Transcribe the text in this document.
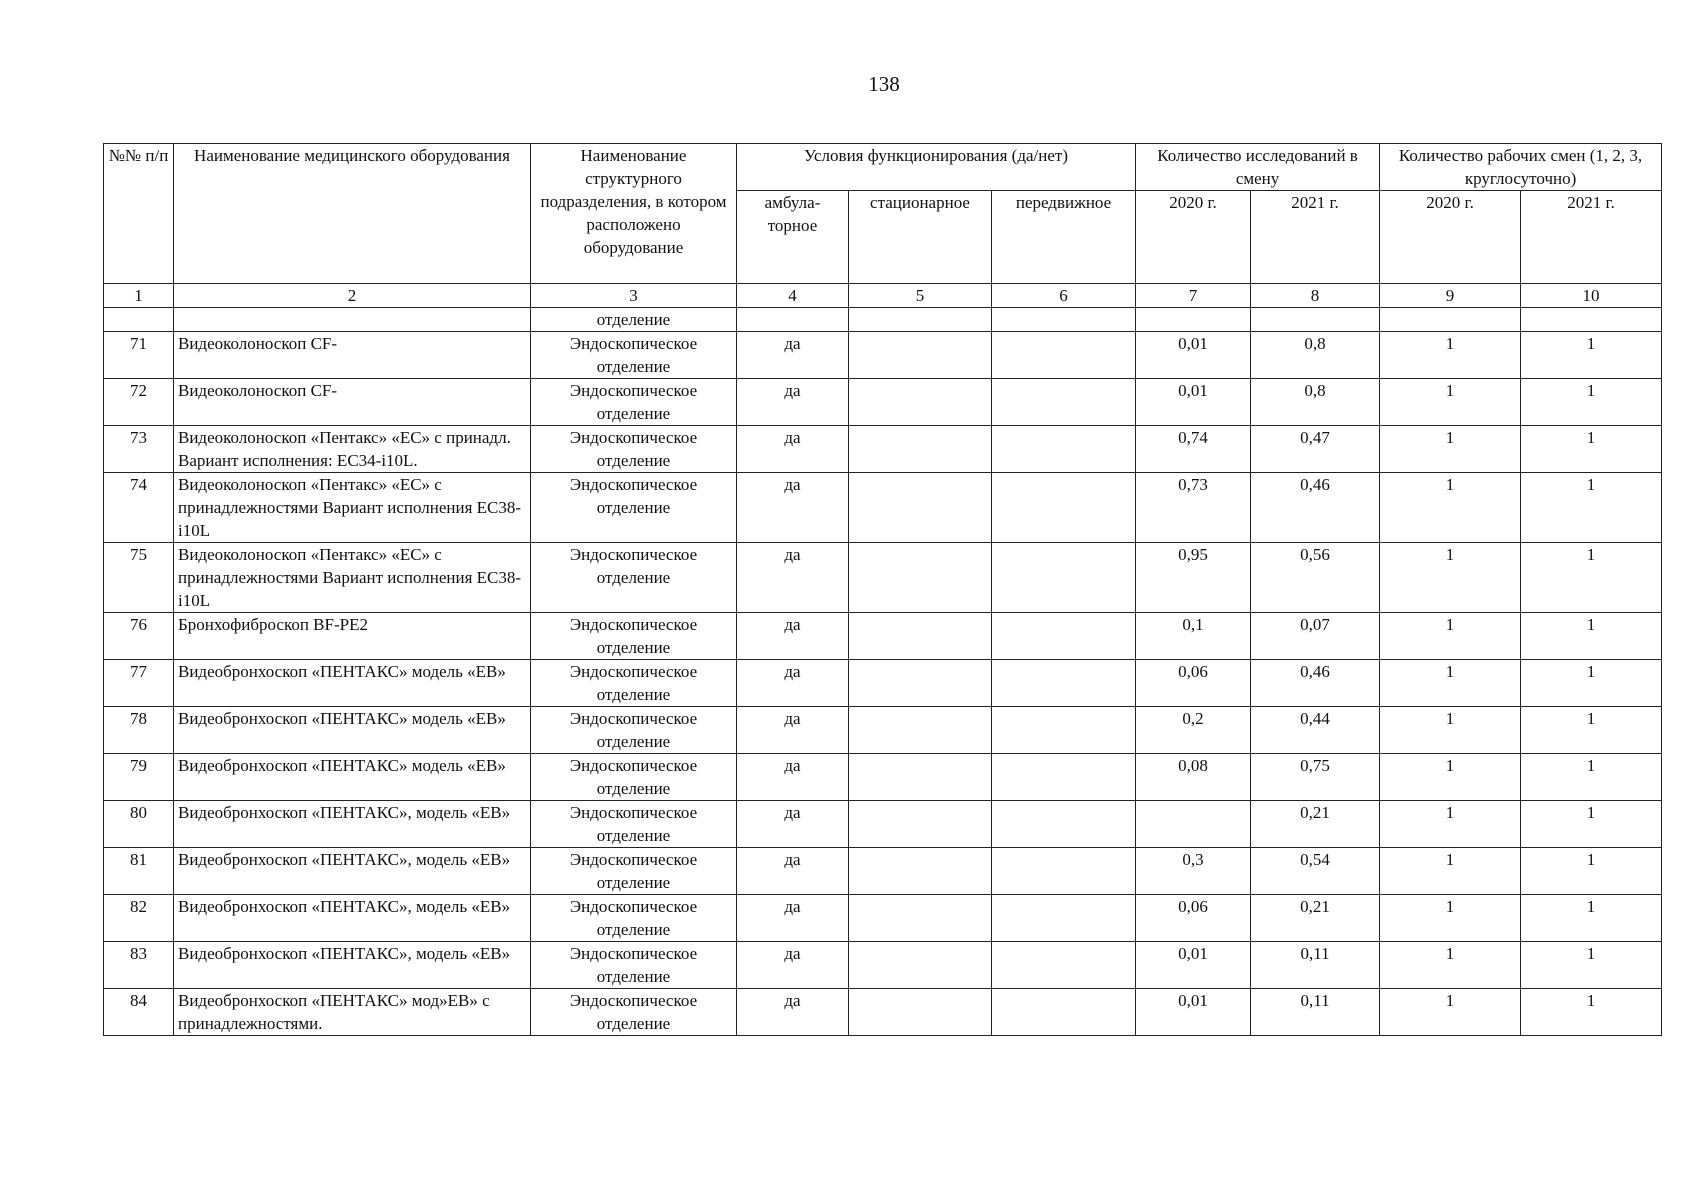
138
№№ п/п	Наименование медицинского оборудования	Наименование структурного подразделения, в котором расположено оборудование	Условия функционирования (да/нет)			Количество исследований в смену		Количество рабочих смен (1, 2, 3, круглосуточно)	
			амбула-торное	стационарное	передвижное	2020 г.	2021 г.	2020 г.	2021 г.
1	2	3	4	5	6	7	8	9	10
		отделение							
71	Видеоколоноскоп CF-	Эндоскопическое отделение	да			0,01	0,8	1	1
72	Видеоколоноскоп CF-	Эндоскопическое отделение	да			0,01	0,8	1	1
73	Видеоколоноскоп «Пентакс» «EC» с принадл. Вариант исполнения: EC34-i10L.	Эндоскопическое отделение	да			0,74	0,47	1	1
74	Видеоколоноскоп «Пентакс» «EC» с принадлежностями Вариант исполнения EC38-i10L	Эндоскопическое отделение	да			0,73	0,46	1	1
75	Видеоколоноскоп «Пентакс» «EC» с принадлежностями Вариант исполнения EC38-i10L	Эндоскопическое отделение	да			0,95	0,56	1	1
76	Бронхофиброскоп BF-PE2	Эндоскопическое отделение	да			0,1	0,07	1	1
77	Видеобронхоскоп «ПЕНТАКС» модель «EB»	Эндоскопическое отделение	да			0,06	0,46	1	1
78	Видеобронхоскоп «ПЕНТАКС» модель «EB»	Эндоскопическое отделение	да			0,2	0,44	1	1
79	Видеобронхоскоп «ПЕНТАКС» модель «EB»	Эндоскопическое отделение	да			0,08	0,75	1	1
80	Видеобронхоскоп «ПЕНТАКС», модель «EB»	Эндоскопическое отделение	да				0,21	1	1
81	Видеобронхоскоп «ПЕНТАКС», модель «EB»	Эндоскопическое отделение	да			0,3	0,54	1	1
82	Видеобронхоскоп «ПЕНТАКС», модель «EB»	Эндоскопическое отделение	да			0,06	0,21	1	1
83	Видеобронхоскоп «ПЕНТАКС», модель «EB»	Эндоскопическое отделение	да			0,01	0,11	1	1
84	Видеобронхоскоп «ПЕНТАКС» мод»EB» с принадлежностями.	Эндоскопическое отделение	да			0,01	0,11	1	1
